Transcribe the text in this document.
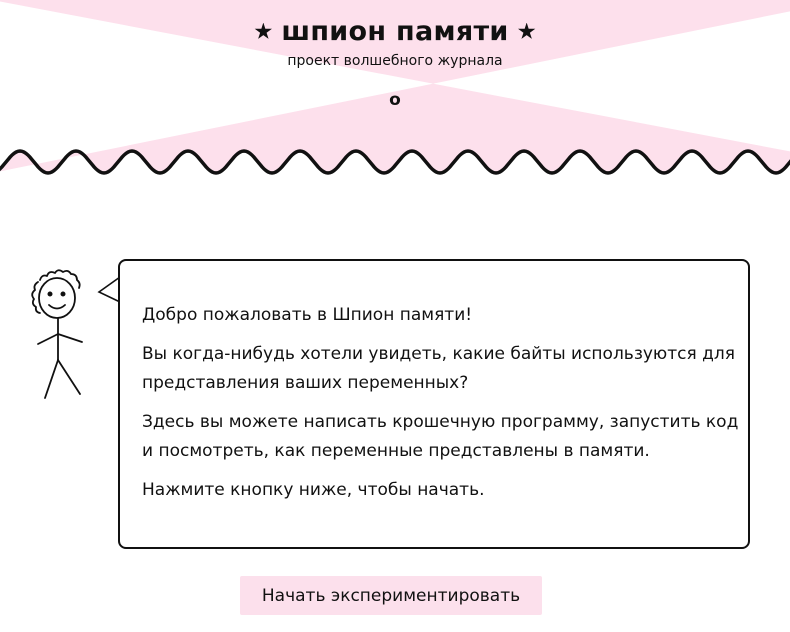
шпион памяти
проект волшебного журнала
o

Добро пожаловать в Шпион памяти!

Вы когда-нибудь хотели увидеть, какие байты используются для представления ваших переменных?

Здесь вы можете написать крошечную программу, запустить код и посмотреть, как переменные представлены в памяти.

Нажмите кнопку ниже, чтобы начать.

Начать экспериментировать
